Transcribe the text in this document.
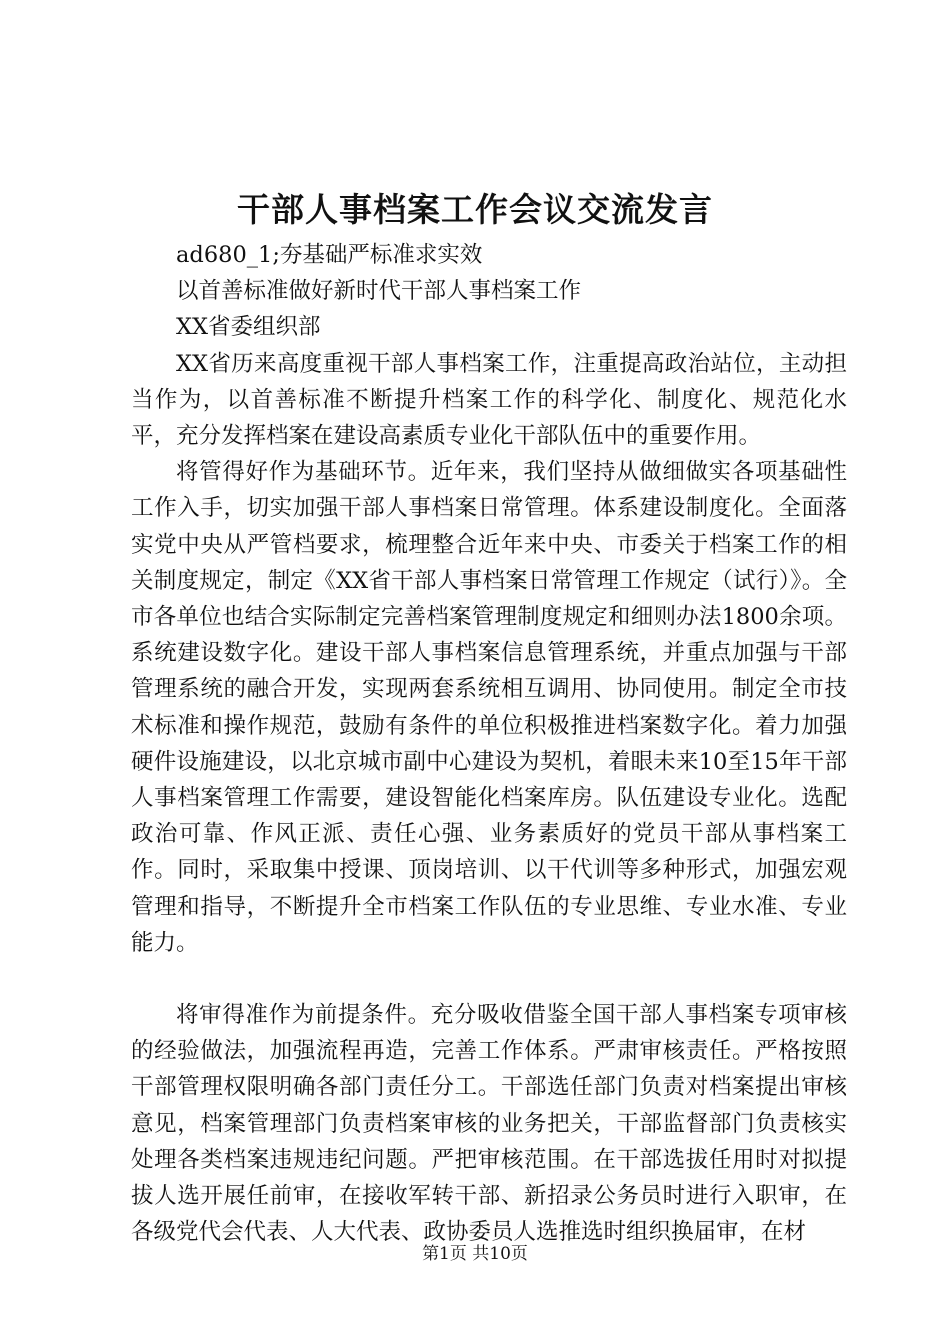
干部人事档案工作会议交流发言

ad680_1;夯基础严标准求实效

以首善标准做好新时代干部人事档案工作

XX省委组织部

XX省历来高度重视干部人事档案工作，注重提高政治站位，主动担当作为，以首善标准不断提升档案工作的科学化、制度化、规范化水平，充分发挥档案在建设高素质专业化干部队伍中的重要作用。

将管得好作为基础环节。近年来，我们坚持从做细做实各项基础性工作入手，切实加强干部人事档案日常管理。体系建设制度化。全面落实党中央从严管档要求，梳理整合近年来中央、市委关于档案工作的相关制度规定，制定《XX省干部人事档案日常管理工作规定（试行）》。全市各单位也结合实际制定完善档案管理制度规定和细则办法1800余项。系统建设数字化。建设干部人事档案信息管理系统，并重点加强与干部管理系统的融合开发，实现两套系统相互调用、协同使用。制定全市技术标准和操作规范，鼓励有条件的单位积极推进档案数字化。着力加强硬件设施建设，以北京城市副中心建设为契机，着眼未来10至15年干部人事档案管理工作需要，建设智能化档案库房。队伍建设专业化。选配政治可靠、作风正派、责任心强、业务素质好的党员干部从事档案工作。同时，采取集中授课、顶岗培训、以干代训等多种形式，加强宏观管理和指导，不断提升全市档案工作队伍的专业思维、专业水准、专业能力。

将审得准作为前提条件。充分吸收借鉴全国干部人事档案专项审核的经验做法，加强流程再造，完善工作体系。严肃审核责任。严格按照干部管理权限明确各部门责任分工。干部选任部门负责对档案提出审核意见，档案管理部门负责档案审核的业务把关，干部监督部门负责核实处理各类档案违规违纪问题。严把审核范围。在干部选拔任用时对拟提拔人选开展任前审，在接收军转干部、新招录公务员时进行入职审，在各级党代会代表、人大代表、政协委员人选推选时组织换届审，在材

第1页 共10页
